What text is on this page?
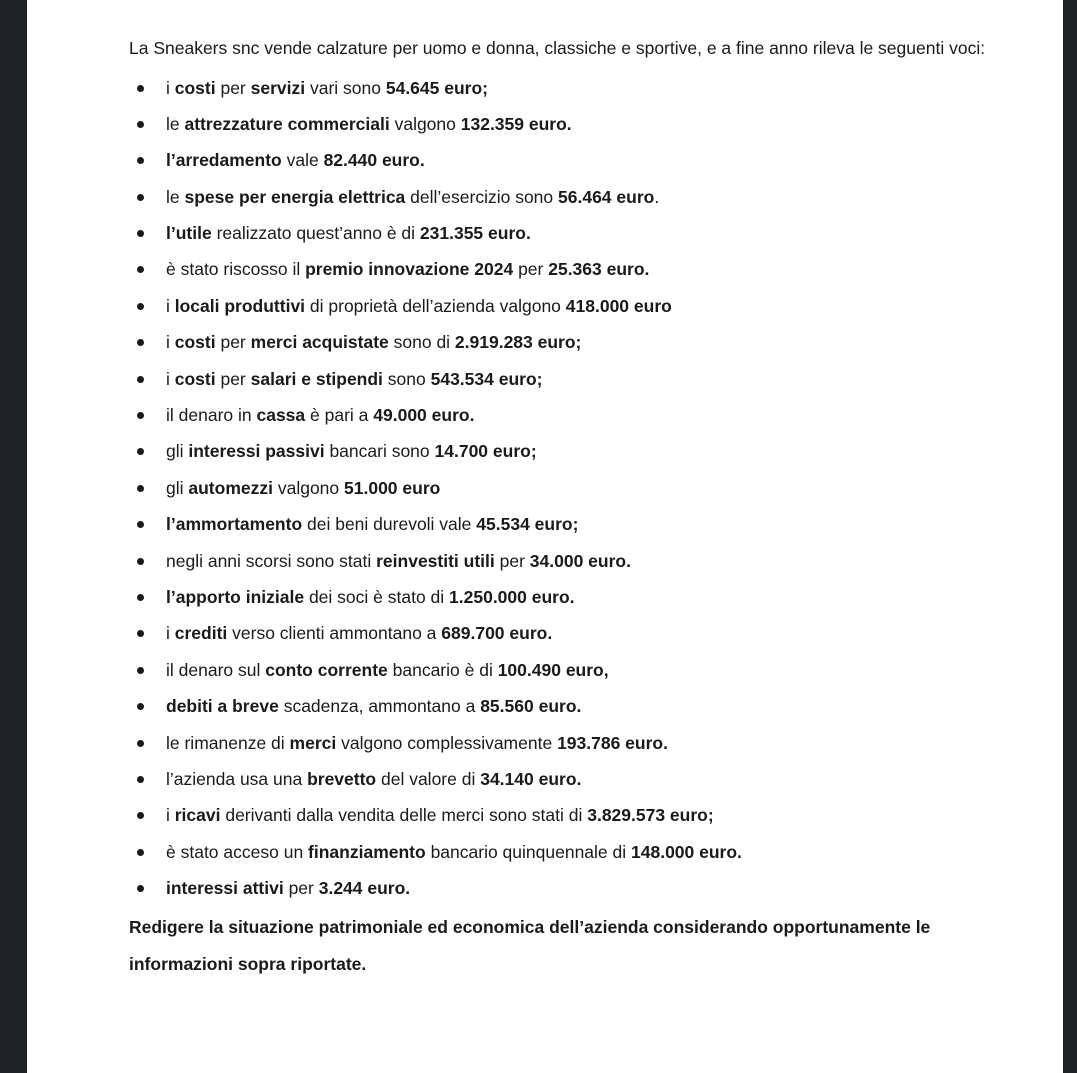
La Sneakers snc vende calzature per uomo e donna, classiche e sportive, e a fine anno rileva le seguenti voci:

i costi per servizi vari sono 54.645 euro;
le attrezzature commerciali valgono 132.359 euro.
l’arredamento vale 82.440 euro.
le spese per energia elettrica dell’esercizio sono 56.464 euro.
l’utile realizzato quest’anno è di 231.355 euro.
è stato riscosso il premio innovazione 2024 per 25.363 euro.
i locali produttivi di proprietà dell’azienda valgono 418.000 euro
i costi per merci acquistate sono di 2.919.283 euro;
i costi per salari e stipendi sono 543.534 euro;
il denaro in cassa è pari a 49.000 euro.
gli interessi passivi bancari sono 14.700 euro;
gli automezzi valgono 51.000 euro
l’ammortamento dei beni durevoli vale 45.534 euro;
negli anni scorsi sono stati reinvestiti utili per 34.000 euro.
l’apporto iniziale dei soci è stato di 1.250.000 euro.
i crediti verso clienti ammontano a 689.700 euro.
il denaro sul conto corrente bancario è di 100.490 euro,
debiti a breve scadenza, ammontano a 85.560 euro.
le rimanenze di merci valgono complessivamente 193.786 euro.
l’azienda usa una brevetto del valore di 34.140 euro.
i ricavi derivanti dalla vendita delle merci sono stati di 3.829.573 euro;
è stato acceso un finanziamento bancario quinquennale di 148.000 euro.
interessi attivi per 3.244 euro.

Redigere la situazione patrimoniale ed economica dell’azienda considerando opportunamente le informazioni sopra riportate.
